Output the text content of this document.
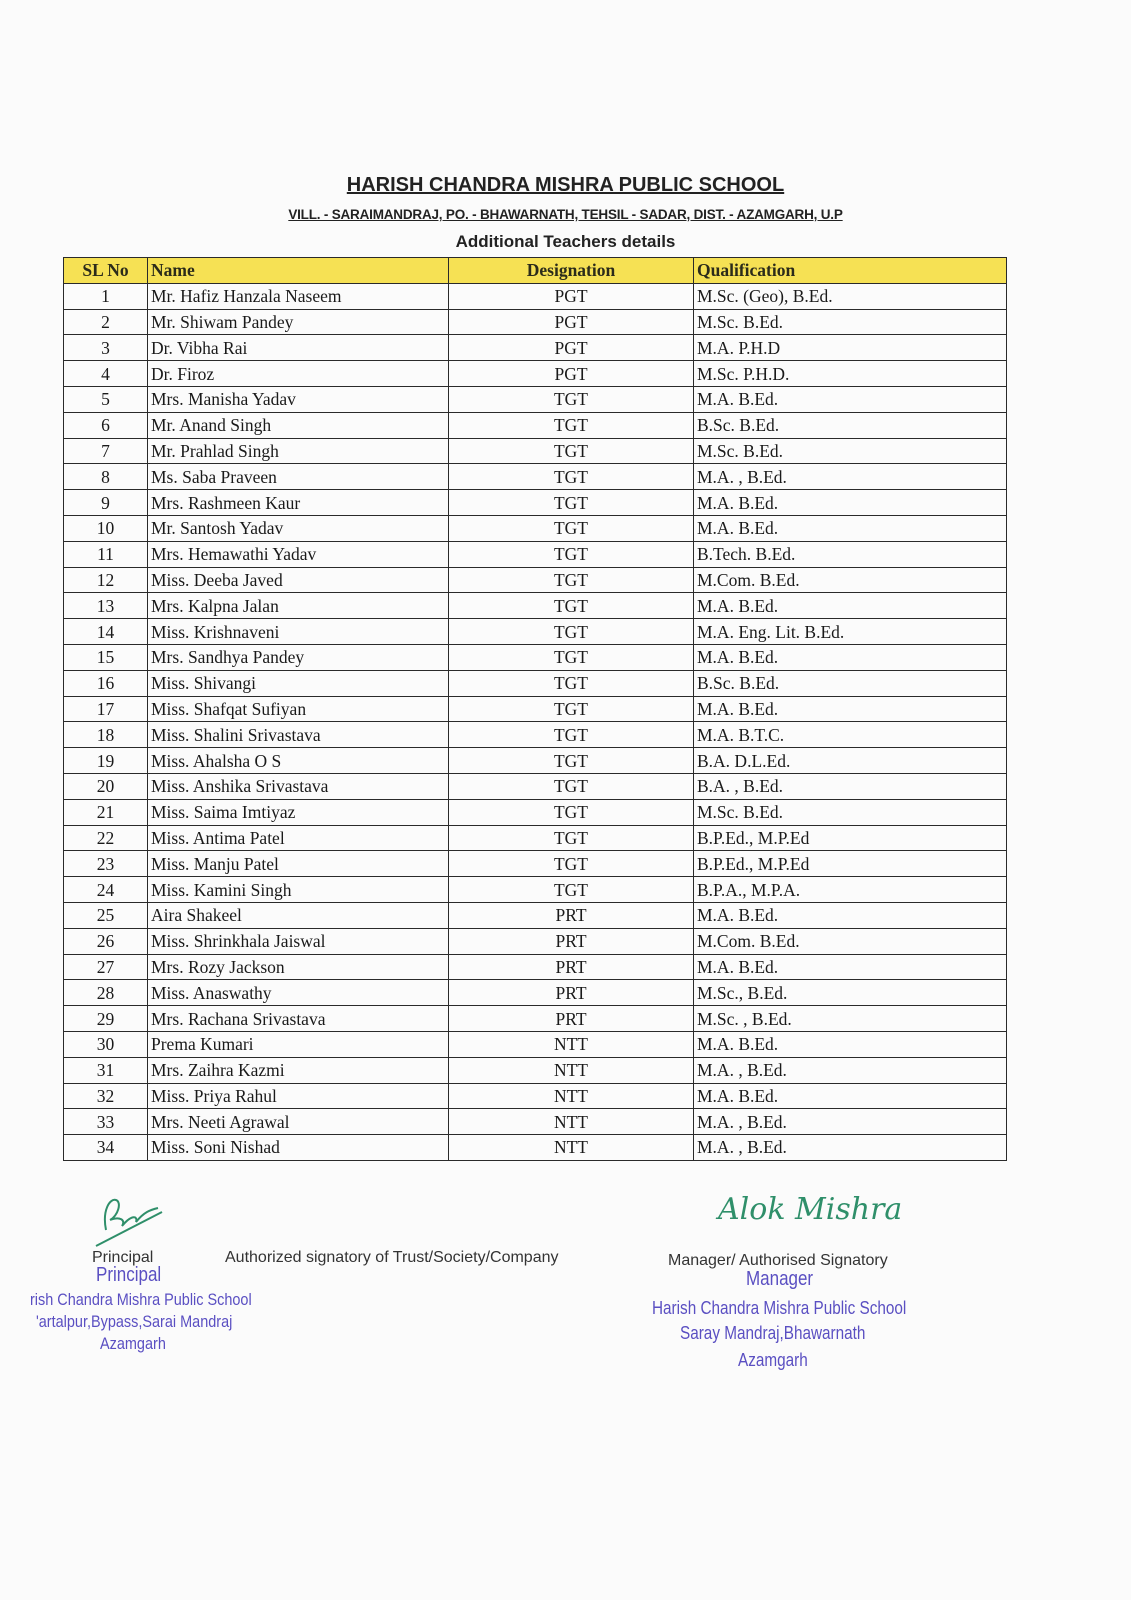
HARISH CHANDRA MISHRA PUBLIC SCHOOL
VILL. - SARAIMANDRAJ, PO. - BHAWARNATH, TEHSIL - SADAR, DIST. - AZAMGARH, U.P
Additional Teachers details
SL No	Name	Designation	Qualification
1	Mr. Hafiz Hanzala Naseem	PGT	M.Sc. (Geo), B.Ed.
2	Mr. Shiwam Pandey	PGT	M.Sc. B.Ed.
3	Dr. Vibha Rai	PGT	M.A. P.H.D
4	Dr. Firoz	PGT	M.Sc. P.H.D.
5	Mrs. Manisha Yadav	TGT	M.A. B.Ed.
6	Mr. Anand Singh	TGT	B.Sc. B.Ed.
7	Mr. Prahlad Singh	TGT	M.Sc. B.Ed.
8	Ms. Saba Praveen	TGT	M.A. , B.Ed.
9	Mrs. Rashmeen Kaur	TGT	M.A. B.Ed.
10	Mr. Santosh Yadav	TGT	M.A. B.Ed.
11	Mrs. Hemawathi Yadav	TGT	B.Tech. B.Ed.
12	Miss. Deeba Javed	TGT	M.Com. B.Ed.
13	Mrs. Kalpna Jalan	TGT	M.A. B.Ed.
14	Miss. Krishnaveni	TGT	M.A. Eng. Lit. B.Ed.
15	Mrs. Sandhya Pandey	TGT	M.A. B.Ed.
16	Miss. Shivangi	TGT	B.Sc. B.Ed.
17	Miss. Shafqat Sufiyan	TGT	M.A. B.Ed.
18	Miss. Shalini Srivastava	TGT	M.A. B.T.C.
19	Miss. Ahalsha O S	TGT	B.A. D.L.Ed.
20	Miss. Anshika Srivastava	TGT	B.A. , B.Ed.
21	Miss. Saima Imtiyaz	TGT	M.Sc. B.Ed.
22	Miss. Antima Patel	TGT	B.P.Ed., M.P.Ed
23	Miss. Manju Patel	TGT	B.P.Ed., M.P.Ed
24	Miss. Kamini Singh	TGT	B.P.A., M.P.A.
25	Aira Shakeel	PRT	M.A. B.Ed.
26	Miss. Shrinkhala Jaiswal	PRT	M.Com. B.Ed.
27	Mrs. Rozy Jackson	PRT	M.A. B.Ed.
28	Miss. Anaswathy	PRT	M.Sc., B.Ed.
29	Mrs. Rachana Srivastava	PRT	M.Sc. , B.Ed.
30	Prema Kumari	NTT	M.A. B.Ed.
31	Mrs. Zaihra Kazmi	NTT	M.A. , B.Ed.
32	Miss. Priya Rahul	NTT	M.A. B.Ed.
33	Mrs. Neeti Agrawal	NTT	M.A. , B.Ed.
34	Miss. Soni Nishad	NTT	M.A. , B.Ed.
Principal	Authorized signatory of Trust/Society/Company
Principal
rish Chandra Mishra Public School
'artalpur,Bypass,Sarai Mandraj
Azamgarh
Alok Mishra
Manager/ Authorised Signatory
Manager
Harish Chandra Mishra Public School
Saray Mandraj,Bhawarnath
Azamgarh
